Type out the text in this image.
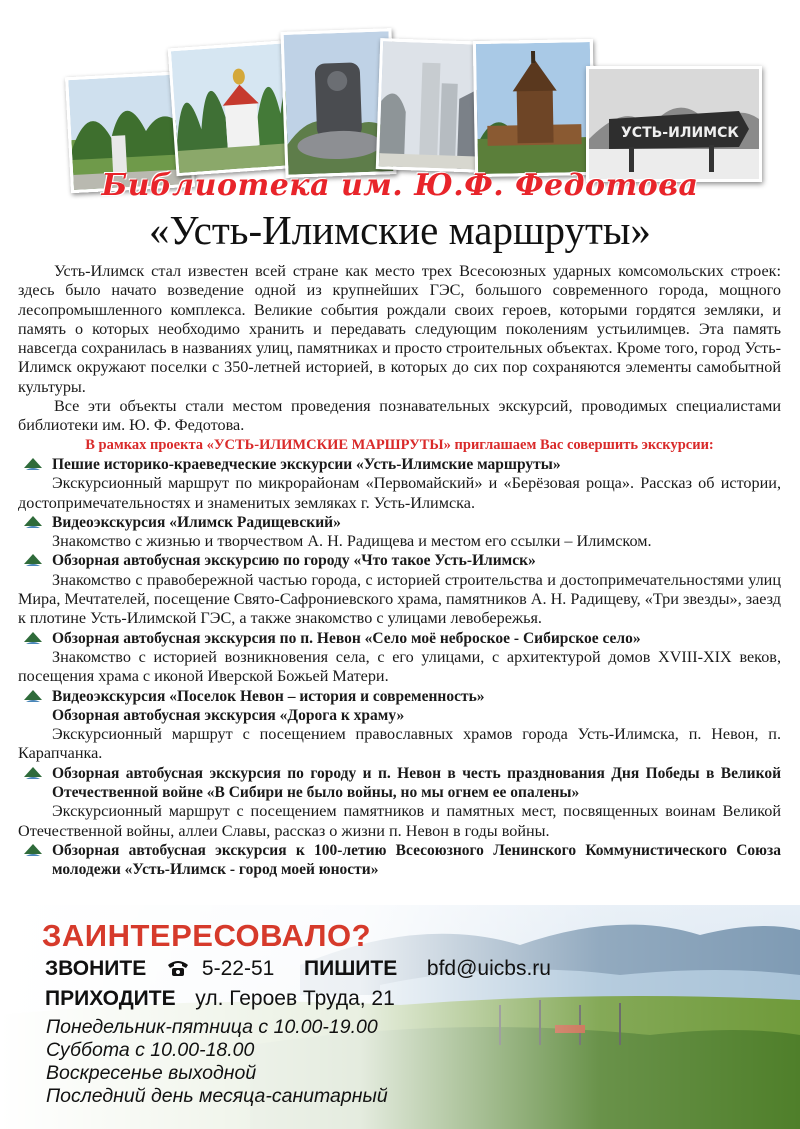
УСТЬ-ИЛИМСК
Библиотека им. Ю.Ф. Федотова
«Усть-Илимские маршруты»

Усть-Илимск стал известен всей стране как место трех Всесоюзных ударных комсомольских строек: здесь было начато возведение одной из крупнейших ГЭС, большого современного города, мощного лесопромышленного комплекса. Великие события рождали своих героев, которыми гордятся земляки, и память о которых необходимо хранить и передавать следующим поколениям устьилимцев. Эта память навсегда сохранилась в названиях улиц, памятниках и просто строительных объектах. Кроме того, город Усть-Илимск окружают поселки с 350-летней историей, в которых до сих пор сохраняются элементы самобытной культуры.

Все эти объекты стали местом проведения познавательных экскурсий, проводимых специалистами библиотеки им. Ю. Ф. Федотова.

В рамках проекта «УСТЬ-ИЛИМСКИЕ МАРШРУТЫ» приглашаем Вас совершить экскурсии:

Пешие историко-краеведческие экскурсии «Усть-Илимские маршруты»

Экскурсионный маршрут по микрорайонам «Первомайский» и «Берёзовая роща». Рассказ об истории, достопримечательностях и знаменитых земляках г. Усть-Илимска.

Видеоэкскурсия «Илимск Радищевский»

Знакомство с жизнью и творчеством А. Н. Радищева и местом его ссылки – Илимском.

Обзорная автобусная экскурсию по городу «Что такое Усть-Илимск»

Знакомство с правобережной частью города, с историей строительства и достопримечательностями улиц Мира, Мечтателей, посещение Свято-Сафрониевского храма, памятников А. Н. Радищеву, «Три звезды», заезд к плотине Усть-Илимской ГЭС, а также знакомство с улицами левобережья.

Обзорная автобусная экскурсия по п. Невон «Село моё неброское - Сибирское село»

Знакомство с историей возникновения села, с его улицами, с архитектурой домов XVIII-XIX веков, посещения храма с иконой Иверской Божьей Матери.

Видеоэкскурсия «Поселок Невон – история и современность»
Обзорная автобусная экскурсия «Дорога к храму»

Экскурсионный маршрут с посещением православных храмов города Усть-Илимска, п. Невон, п. Карапчанка.

Обзорная автобусная экскурсия по городу и п. Невон в честь празднования Дня Победы в Великой Отечественной войне «В Сибири не было войны, но мы огнем ее опалены»

Экскурсионный маршрут с посещением памятников и памятных мест, посвященных воинам Великой Отечественной войны, аллеи Славы, рассказ о жизни п. Невон в годы войны.

Обзорная автобусная экскурсия к 100-летию Всесоюзного Ленинского Коммунистического Союза молодежи «Усть-Илимск - город моей юности»
ЗАИНТЕРЕСОВАЛО?
ЗВОНИТЕ	5-22-51 ПИШИТЕ bfd@uicbs.ru
ПРИХОДИТЕ ул. Героев Труда, 21
Понедельник-пятница с 10.00-19.00
Суббота с 10.00-18.00
Воскресенье выходной
Последний день месяца-санитарный
